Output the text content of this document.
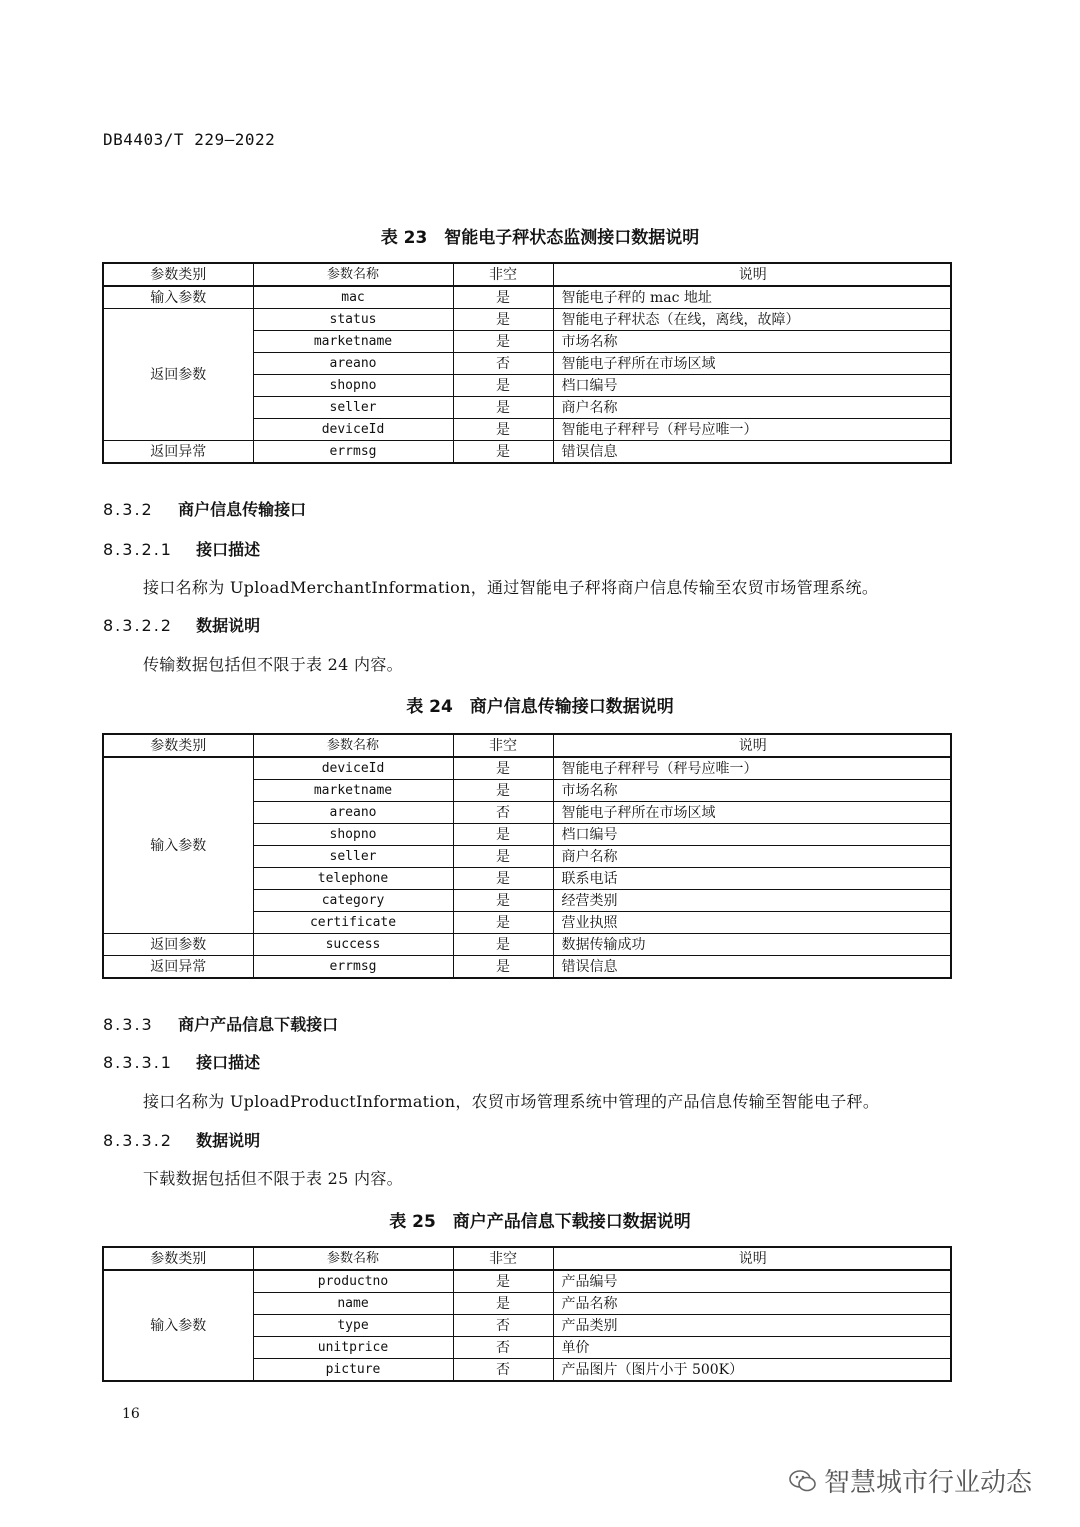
DB4403/T 229—2022
表 23　智能电子秤状态监测接口数据说明
参数类别	参数名称	非空	说明
输入参数	mac	是	智能电子秤的 mac 地址
返回参数	status	是	智能电子秤状态（在线，离线，故障）
	marketname	是	市场名称
	areano	否	智能电子秤所在市场区域
	shopno	是	档口编号
	seller	是	商户名称
	deviceId	是	智能电子秤秤号（秤号应唯一）
返回异常	errmsg	是	错误信息
8.3.2 商户信息传输接口
8.3.2.1 接口描述
接口名称为 UploadMerchantInformation，通过智能电子秤将商户信息传输至农贸市场管理系统。
8.3.2.2 数据说明
传输数据包括但不限于表 24 内容。
表 24　商户信息传输接口数据说明
参数类别	参数名称	非空	说明
输入参数	deviceId	是	智能电子秤秤号（秤号应唯一）
	marketname	是	市场名称
	areano	否	智能电子秤所在市场区域
	shopno	是	档口编号
	seller	是	商户名称
	telephone	是	联系电话
	category	是	经营类别
	certificate	是	营业执照
返回参数	success	是	数据传输成功
返回异常	errmsg	是	错误信息
8.3.3 商户产品信息下载接口
8.3.3.1 接口描述
接口名称为 UploadProductInformation，农贸市场管理系统中管理的产品信息传输至智能电子秤。
8.3.3.2 数据说明
下载数据包括但不限于表 25 内容。
表 25　商户产品信息下载接口数据说明
参数类别	参数名称	非空	说明
输入参数	productno	是	产品编号
	name	是	产品名称
	type	否	产品类别
	unitprice	否	单价
	picture	否	产品图片（图片小于 500K）
16
智慧城市行业动态
